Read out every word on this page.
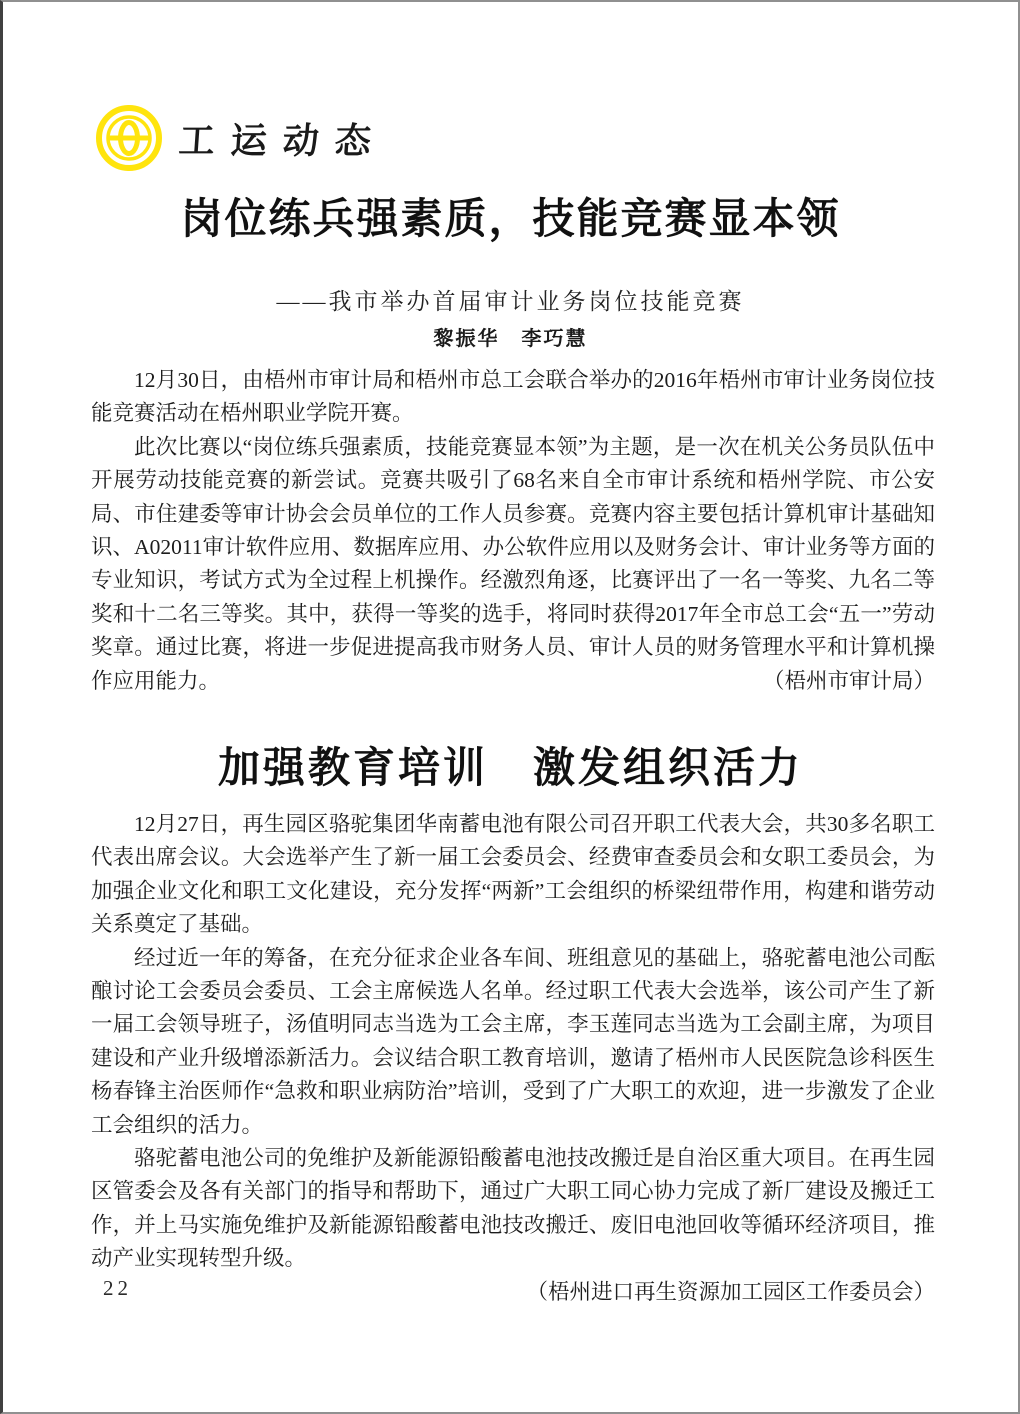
工运动态
岗位练兵强素质，技能竞赛显本领
——我市举办首届审计业务岗位技能竞赛
黎振华　李巧慧

12月30日，由梧州市审计局和梧州市总工会联合举办的2016年梧州市审计业务岗位技能竞赛活动在梧州职业学院开赛。

此次比赛以“岗位练兵强素质，技能竞赛显本领”为主题，是一次在机关公务员队伍中开展劳动技能竞赛的新尝试。竞赛共吸引了68名来自全市审计系统和梧州学院、市公安局、市住建委等审计协会会员单位的工作人员参赛。竞赛内容主要包括计算机审计基础知识、A02011审计软件应用、数据库应用、办公软件应用以及财务会计、审计业务等方面的专业知识，考试方式为全过程上机操作。经激烈角逐，比赛评出了一名一等奖、九名二等奖和十二名三等奖。其中，获得一等奖的选手，将同时获得2017年全市总工会“五一”劳动奖章。通过比赛，将进一步促进提高我市财务人员、审计人员的财务管理水平和计算机操作应用能力。	（梧州市审计局）

加强教育培训　激发组织活力

12月27日，再生园区骆驼集团华南蓄电池有限公司召开职工代表大会，共30多名职工代表出席会议。大会选举产生了新一届工会委员会、经费审查委员会和女职工委员会，为加强企业文化和职工文化建设，充分发挥“两新”工会组织的桥梁纽带作用，构建和谐劳动关系奠定了基础。

经过近一年的筹备，在充分征求企业各车间、班组意见的基础上，骆驼蓄电池公司酝酿讨论工会委员会委员、工会主席候选人名单。经过职工代表大会选举，该公司产生了新一届工会领导班子，汤值明同志当选为工会主席，李玉莲同志当选为工会副主席，为项目建设和产业升级增添新活力。会议结合职工教育培训，邀请了梧州市人民医院急诊科医生杨春锋主治医师作“急救和职业病防治”培训，受到了广大职工的欢迎，进一步激发了企业工会组织的活力。

骆驼蓄电池公司的免维护及新能源铅酸蓄电池技改搬迁是自治区重大项目。在再生园区管委会及各有关部门的指导和帮助下，通过广大职工同心协力完成了新厂建设及搬迁工作，并上马实施免维护及新能源铅酸蓄电池技改搬迁、废旧电池回收等循环经济项目，推动产业实现转型升级。

（梧州进口再生资源加工园区工作委员会）

22
